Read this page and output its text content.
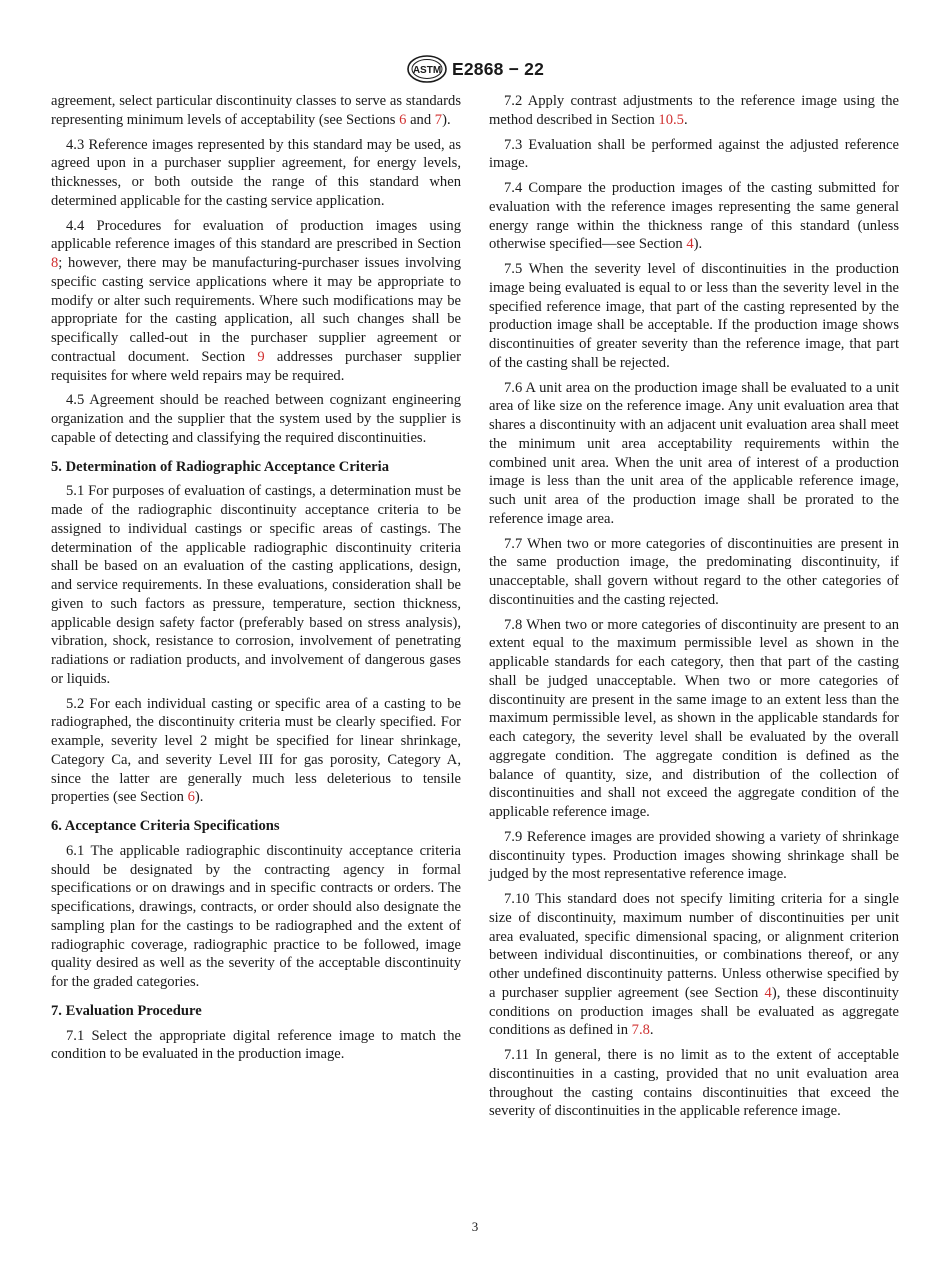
ASTM E2868 − 22

agreement, select particular discontinuity classes to serve as standards representing minimum levels of acceptability (see Sections 6 and 7).

4.3 Reference images represented by this standard may be used, as agreed upon in a purchaser supplier agreement, for energy levels, thicknesses, or both outside the range of this standard when determined applicable for the casting service application.

4.4 Procedures for evaluation of production images using applicable reference images of this standard are prescribed in Section 8; however, there may be manufacturing-purchaser issues involving specific casting service applications where it may be appropriate to modify or alter such requirements. Where such modifications may be appropriate for the casting application, all such changes shall be specifically called-out in the purchaser supplier agreement or contractual document. Section 9 addresses purchaser supplier requisites for where weld repairs may be required.

4.5 Agreement should be reached between cognizant engineering organization and the supplier that the system used by the supplier is capable of detecting and classifying the required discontinuities.

5. Determination of Radiographic Acceptance Criteria

5.1 For purposes of evaluation of castings, a determination must be made of the radiographic discontinuity acceptance criteria to be assigned to individual castings or specific areas of castings. The determination of the applicable radiographic discontinuity criteria shall be based on an evaluation of the casting applications, design, and service requirements. In these evaluations, consideration shall be given to such factors as pressure, temperature, section thickness, applicable design safety factor (preferably based on stress analysis), vibration, shock, resistance to corrosion, involvement of penetrating radiations or radiation products, and involvement of dangerous gases or liquids.

5.2 For each individual casting or specific area of a casting to be radiographed, the discontinuity criteria must be clearly specified. For example, severity level 2 might be specified for linear shrinkage, Category Ca, and severity Level III for gas porosity, Category A, since the latter are generally much less deleterious to tensile properties (see Section 6).

6. Acceptance Criteria Specifications

6.1 The applicable radiographic discontinuity acceptance criteria should be designated by the contracting agency in formal specifications or on drawings and in specific contracts or orders. The specifications, drawings, contracts, or order should also designate the sampling plan for the castings to be radiographed and the extent of radiographic coverage, radiographic practice to be followed, image quality desired as well as the severity of the acceptable discontinuity for the graded categories.

7. Evaluation Procedure

7.1 Select the appropriate digital reference image to match the condition to be evaluated in the production image.

7.2 Apply contrast adjustments to the reference image using the method described in Section 10.5.

7.3 Evaluation shall be performed against the adjusted reference image.

7.4 Compare the production images of the casting submitted for evaluation with the reference images representing the same general energy range within the thickness range of this standard (unless otherwise specified—see Section 4).

7.5 When the severity level of discontinuities in the production image being evaluated is equal to or less than the severity level in the specified reference image, that part of the casting represented by the production image shall be acceptable. If the production image shows discontinuities of greater severity than the reference image, that part of the casting shall be rejected.

7.6 A unit area on the production image shall be evaluated to a unit area of like size on the reference image. Any unit evaluation area that shares a discontinuity with an adjacent unit evaluation area shall meet the minimum unit area acceptability requirements within the combined unit area. When the unit area of interest of a production image is less than the unit area of the applicable reference image, such unit area of the production image shall be prorated to the reference image area.

7.7 When two or more categories of discontinuities are present in the same production image, the predominating discontinuity, if unacceptable, shall govern without regard to the other categories of discontinuities and the casting rejected.

7.8 When two or more categories of discontinuity are present to an extent equal to the maximum permissible level as shown in the applicable standards for each category, then that part of the casting shall be judged unacceptable. When two or more categories of discontinuity are present in the same image to an extent less than the maximum permissible level, as shown in the applicable standards for each category, the severity level shall be evaluated by the overall aggregate condition. The aggregate condition is defined as the balance of quantity, size, and distribution of the collection of discontinuities and shall not exceed the aggregate condition of the applicable reference image.

7.9 Reference images are provided showing a variety of shrinkage discontinuity types. Production images showing shrinkage shall be judged by the most representative reference image.

7.10 This standard does not specify limiting criteria for a single size of discontinuity, maximum number of discontinuities per unit area evaluated, specific dimensional spacing, or alignment criterion between individual discontinuities, or combinations thereof, or any other undefined discontinuity patterns. Unless otherwise specified by a purchaser supplier agreement (see Section 4), these discontinuity conditions on production images shall be evaluated as aggregate conditions as defined in 7.8.

7.11 In general, there is no limit as to the extent of acceptable discontinuities in a casting, provided that no unit evaluation area throughout the casting contains discontinuities that exceed the severity of discontinuities in the applicable reference image.

3
